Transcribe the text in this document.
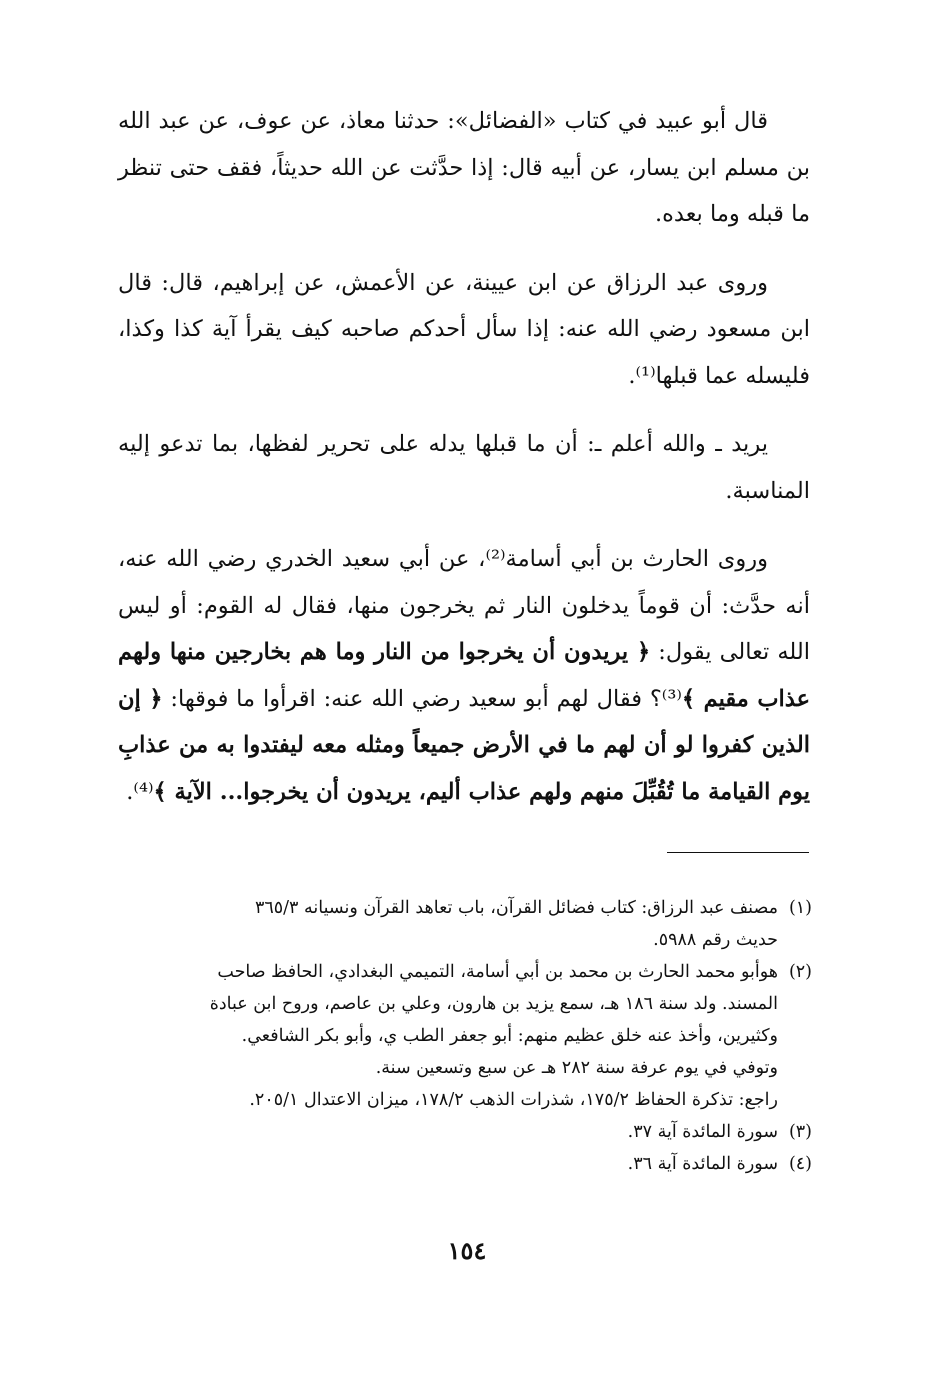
قال أبو عبيد في كتاب «الفضائل»: حدثنا معاذ، عن عوف، عن عبد الله بن مسلم ابن يسار، عن أبيه قال: إذا حدَّثت عن الله حديثاً، فقف حتى تنظر ما قبله وما بعده.

وروى عبد الرزاق عن ابن عيينة، عن الأعمش، عن إبراهيم، قال: قال ابن مسعود رضي الله عنه: إذا سأل أحدكم صاحبه كيف يقرأ آية كذا وكذا، فليسله عما قبلها⁽¹⁾.

يريد ـ والله أعلم ـ: أن ما قبلها يدله على تحرير لفظها، بما تدعو إليه المناسبة.

وروى الحارث بن أبي أسامة⁽²⁾، عن أبي سعيد الخدري رضي الله عنه، أنه حدَّث: أن قوماً يدخلون النار ثم يخرجون منها، فقال له القوم: أو ليس الله تعالى يقول: ﴿ يريدون أن يخرجوا من النار وما هم بخارجين منها ولهم عذاب مقيم ﴾⁽³⁾؟ فقال لهم أبو سعيد رضي الله عنه: اقرأوا ما فوقها: ﴿ إن الذين كفروا لو أن لهم ما في الأرض جميعاً ومثله معه ليفتدوا به من عذابِ يوم القيامة ما تُقُبِّلَ منهم ولهم عذاب أليم، يريدون أن يخرجوا... الآية ﴾⁽⁴⁾.

(١)مصنف عبد الرزاق: كتاب فضائل القرآن، باب تعاهد القرآن ونسيانه ٣٦٥/٣
حديث رقم ٥٩٨٨.
(٢)هوأبو محمد الحارث بن محمد بن أبي أسامة، التميمي البغدادي، الحافظ صاحب
المسند. ولد سنة ١٨٦ هـ، سمع يزيد بن هارون، وعلي بن عاصم، وروح ابن عبادة
وكثيرين، وأخذ عنه خلق عظيم منهم: أبو جعفر الطب ي، وأبو بكر الشافعي.
وتوفي في يوم عرفة سنة ٢٨٢ هـ عن سبع وتسعين سنة.
راجع: تذكرة الحفاظ ١٧٥/٢، شذرات الذهب ١٧٨/٢، ميزان الاعتدال ٢٠٥/١.
(٣)سورة المائدة آية ٣٧.
(٤)سورة المائدة آية ٣٦.
١٥٤
